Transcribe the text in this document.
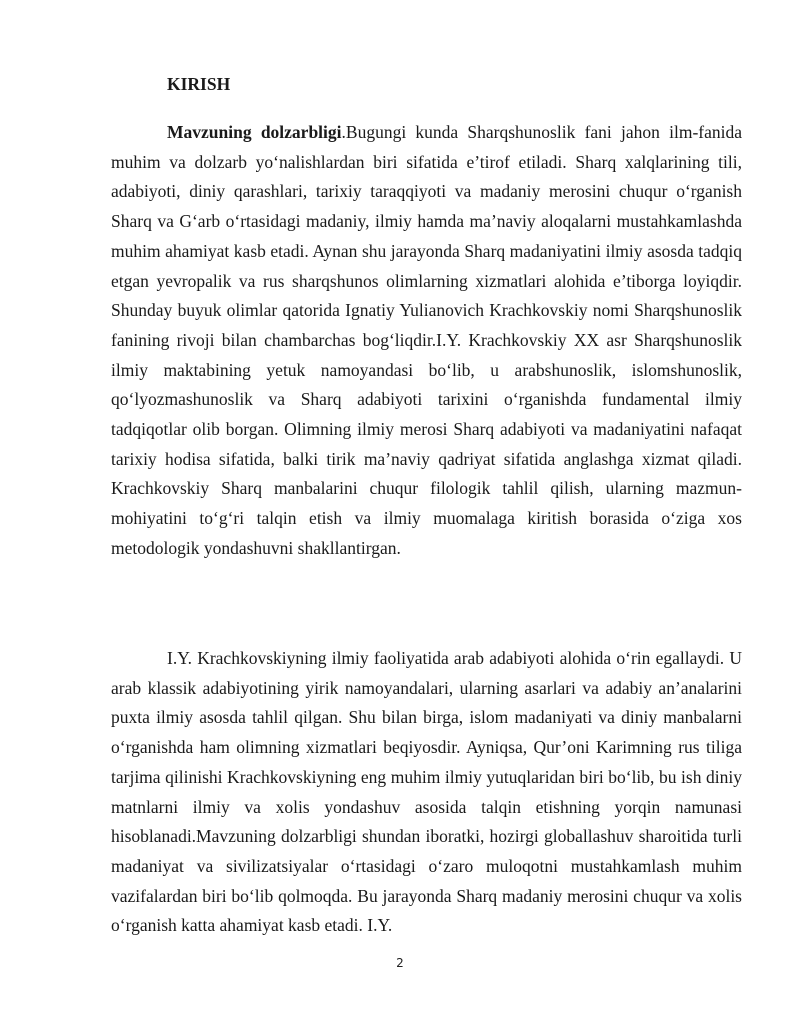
KIRISH

Mavzuning dolzarbligi.Bugungi kunda Sharqshunoslik fani jahon ilm-fanida muhim va dolzarb yo‘nalishlardan biri sifatida e’tirof etiladi. Sharq xalqlarining tili, adabiyoti, diniy qarashlari, tarixiy taraqqiyoti va madaniy merosini chuqur o‘rganish Sharq va G‘arb o‘rtasidagi madaniy, ilmiy hamda ma’naviy aloqalarni mustahkamlashda muhim ahamiyat kasb etadi. Aynan shu jarayonda Sharq madaniyatini ilmiy asosda tadqiq etgan yevropalik va rus sharqshunos olimlarning xizmatlari alohida e’tiborga loyiqdir. Shunday buyuk olimlar qatorida Ignatiy Yulianovich Krachkovskiy nomi Sharqshunoslik fanining rivoji bilan chambarchas bog‘liqdir.I.Y. Krachkovskiy XX asr Sharqshunoslik ilmiy maktabining yetuk namoyandasi bo‘lib, u arabshunoslik, islomshunoslik, qo‘lyozmashunoslik va Sharq adabiyoti tarixini o‘rganishda fundamental ilmiy tadqiqotlar olib borgan. Olimning ilmiy merosi Sharq adabiyoti va madaniyatini nafaqat tarixiy hodisa sifatida, balki tirik ma’naviy qadriyat sifatida anglashga xizmat qiladi. Krachkovskiy Sharq manbalarini chuqur filologik tahlil qilish, ularning mazmun-mohiyatini to‘g‘ri talqin etish va ilmiy muomalaga kiritish borasida o‘ziga xos metodologik yondashuvni shakllantirgan.

I.Y. Krachkovskiyning ilmiy faoliyatida arab adabiyoti alohida o‘rin egallaydi. U arab klassik adabiyotining yirik namoyandalari, ularning asarlari va adabiy an’analarini puxta ilmiy asosda tahlil qilgan. Shu bilan birga, islom madaniyati va diniy manbalarni o‘rganishda ham olimning xizmatlari beqiyosdir. Ayniqsa, Qur’oni Karimning rus tiliga tarjima qilinishi Krachkovskiyning eng muhim ilmiy yutuqlaridan biri bo‘lib, bu ish diniy matnlarni ilmiy va xolis yondashuv asosida talqin etishning yorqin namunasi hisoblanadi.Mavzuning dolzarbligi shundan iboratki, hozirgi globallashuv sharoitida turli madaniyat va sivilizatsiyalar o‘rtasidagi o‘zaro muloqotni mustahkamlash muhim vazifalardan biri bo‘lib qolmoqda. Bu jarayonda Sharq madaniy merosini chuqur va xolis o‘rganish katta ahamiyat kasb etadi. I.Y.

2
